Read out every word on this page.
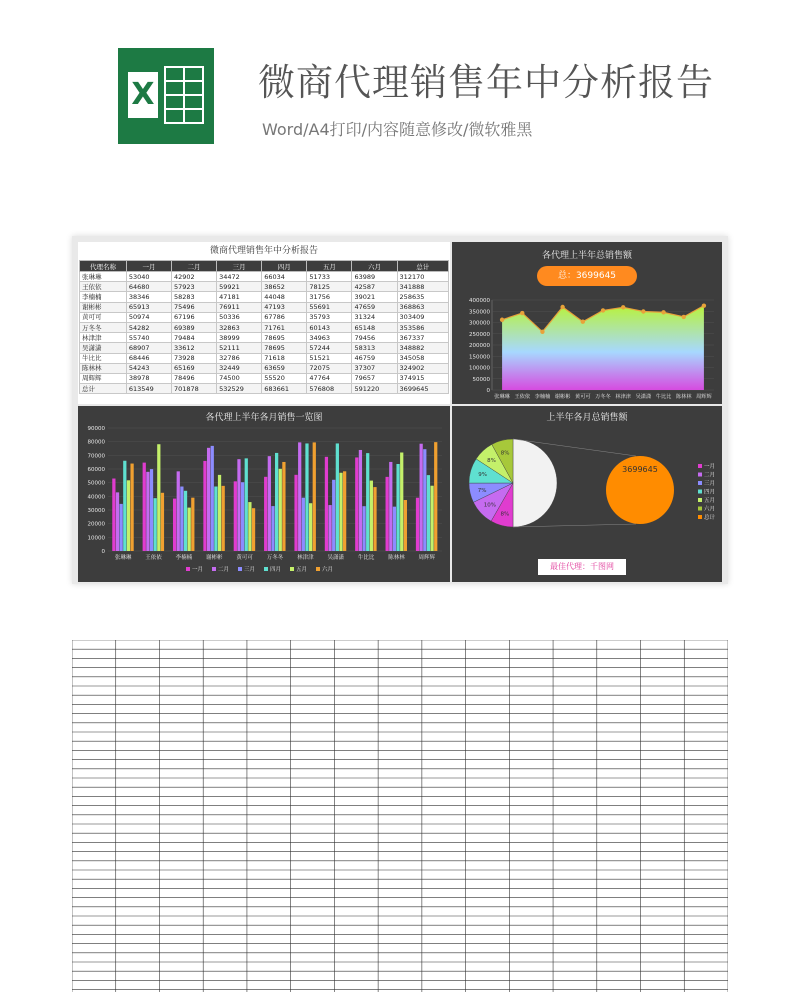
X	微商代理销售年中分析报告
Word/A4打印/内容随意修改/微软雅黑
微商代理销售年中分析报告
代理名称	一月	二月	三月	四月	五月	六月	总计
张琳琳	53040	42902	34472	66034	51733	63989	312170
王依依	64680	57923	59921	38652	78125	42587	341888
李楠楠	38346	58283	47181	44048	31756	39021	258635
谢彬彬	65913	75496	76911	47193	55691	47659	368863
黄可可	50974	67196	50336	67786	35793	31324	303409
万冬冬	54282	69389	32863	71761	60143	65148	353586
林津津	55740	79484	38999	78695	34963	79456	367337
吴潇潇	68907	33612	52111	78695	57244	58313	348882
牛比比	68446	73928	32786	71618	51521	46759	345058
陈林林	54243	65169	32449	63659	72075	37307	324902
周辉辉	38978	78496	74500	55520	47764	79657	374915
总计	613549	701878	532529	683661	576808	591220	3699645
各代理上半年总销售额
总：3699645
0
50000
100000
150000
200000
250000
300000
350000
400000
张琳琳 王依依 李楠楠 谢彬彬 黄可可 万冬冬 林津津 吴潇潇 牛比比 陈林林 周辉辉
各代理上半年各月销售一览图
0
10000
20000
30000
40000
50000
60000
70000
80000
90000
张琳琳	王依依	李楠楠	谢彬彬	黄可可	万冬冬	林津津	吴潇潇	牛比比	陈林林	周辉辉
一月	二月	三月	四月	五月	六月
上半年各月总销售额
8%
10%
7%
9%
8%
8%
3699645	一月
二月
三月
四月
五月
六月
总计
最佳代理：千图网
